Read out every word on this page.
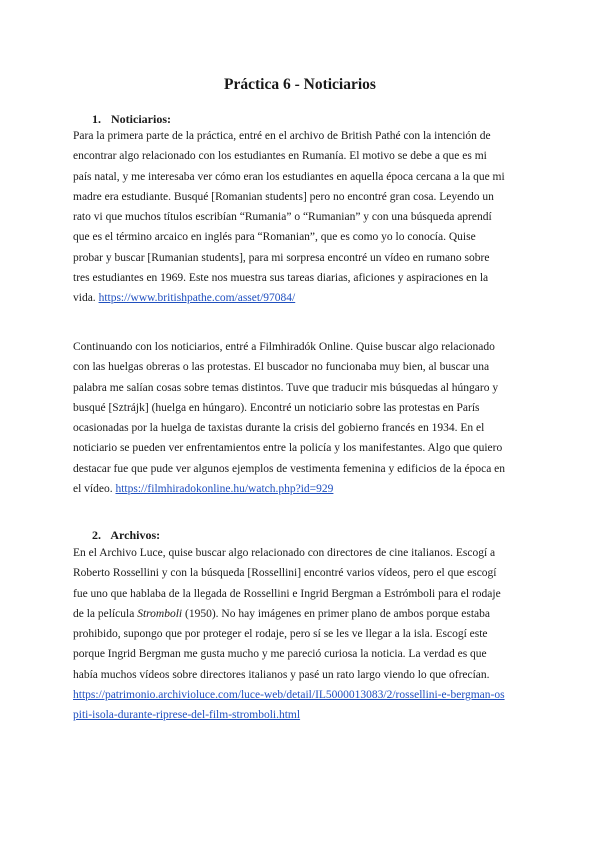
Práctica 6 - Noticiarios

1. Noticiarios:

Para la primera parte de la práctica, entré en el archivo de British Pathé con la intención de
encontrar algo relacionado con los estudiantes en Rumanía. El motivo se debe a que es mi
país natal, y me interesaba ver cómo eran los estudiantes en aquella época cercana a la que mi
madre era estudiante. Busqué [Romanian students] pero no encontré gran cosa. Leyendo un
rato vi que muchos títulos escribían “Rumania” o “Rumanian” y con una búsqueda aprendí
que es el término arcaico en inglés para “Romanian”, que es como yo lo conocía. Quise
probar y buscar [Rumanian students], para mi sorpresa encontré un vídeo en rumano sobre
tres estudiantes en 1969. Este nos muestra sus tareas diarias, aficiones y aspiraciones en la
vida. https://www.britishpathe.com/asset/97084/
Continuando con los noticiarios, entré a Filmhiradók Online. Quise buscar algo relacionado
con las huelgas obreras o las protestas. El buscador no funcionaba muy bien, al buscar una
palabra me salían cosas sobre temas distintos. Tuve que traducir mis búsquedas al húngaro y
busqué [Sztrájk] (huelga en húngaro). Encontré un noticiario sobre las protestas en París
ocasionadas por la huelga de taxistas durante la crisis del gobierno francés en 1934. En el
noticiario se pueden ver enfrentamientos entre la policía y los manifestantes. Algo que quiero
destacar fue que pude ver algunos ejemplos de vestimenta femenina y edificios de la época en
el vídeo. https://filmhiradokonline.hu/watch.php?id=929

2. Archivos:

En el Archivo Luce, quise buscar algo relacionado con directores de cine italianos. Escogí a
Roberto Rossellini y con la búsqueda [Rossellini] encontré varios vídeos, pero el que escogí
fue uno que hablaba de la llegada de Rossellini e Ingrid Bergman a Estrómboli para el rodaje
de la película Stromboli (1950). No hay imágenes en primer plano de ambos porque estaba
prohibido, supongo que por proteger el rodaje, pero sí se les ve llegar a la isla. Escogí este
porque Ingrid Bergman me gusta mucho y me pareció curiosa la noticia. La verdad es que
había muchos vídeos sobre directores italianos y pasé un rato largo viendo lo que ofrecían.
https://patrimonio.archivioluce.com/luce-web/detail/IL5000013083/2/rossellini-e-bergman-os
piti-isola-durante-riprese-del-film-stromboli.html
